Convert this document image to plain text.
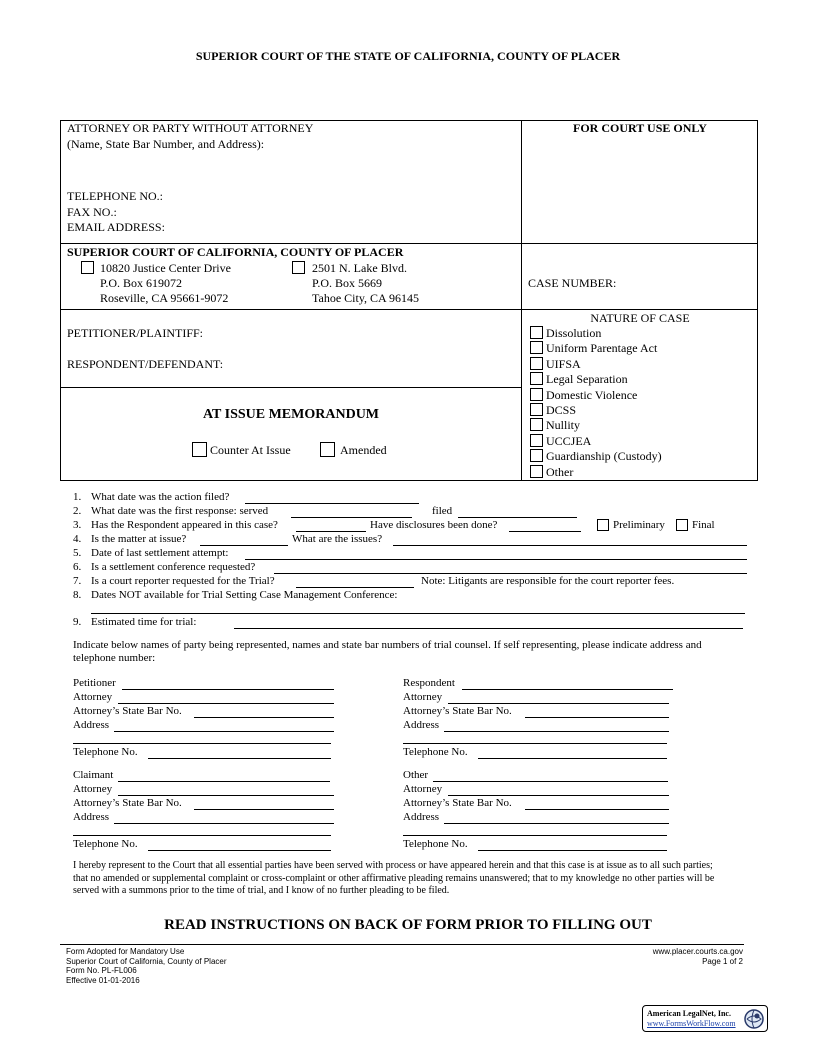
SUPERIOR COURT OF THE STATE OF CALIFORNIA, COUNTY OF PLACER
ATTORNEY OR PARTY WITHOUT ATTORNEY
(Name, State Bar Number, and Address):
TELEPHONE NO.:
FAX NO.:
EMAIL ADDRESS:
FOR COURT USE ONLY
SUPERIOR COURT OF CALIFORNIA, COUNTY OF PLACER
10820 Justice Center Drive
P.O. Box 619072
Roseville, CA 95661-9072
2501 N. Lake Blvd.
P.O. Box 5669
Tahoe City, CA 96145
CASE NUMBER:
PETITIONER/PLAINTIFF:
RESPONDENT/DEFENDANT:
AT ISSUE MEMORANDUM
Counter At Issue	Amended
NATURE OF CASE
Dissolution
Uniform Parentage Act
UIFSA
Legal Separation
Domestic Violence
DCSS
Nullity
UCCJEA
Guardianship (Custody)
Other
1. What date was the action filed?
2. What date was the first response: served	filed
3. Has the Respondent appeared in this case?	Have disclosures been done?	Preliminary Final
4. Is the matter at issue?	What are the issues?
5. Date of last settlement attempt:
6. Is a settlement conference requested?
7. Is a court reporter requested for the Trial?	Note: Litigants are responsible for the court reporter fees.
8. Dates NOT available for Trial Setting Case Management Conference:
9. Estimated time for trial:
Indicate below names of party being represented, names and state bar numbers of trial counsel. If self representing, please indicate address and telephone number:
Petitioner
Attorney
Attorney’s State Bar No.
Address
Telephone No.
Respondent
Attorney
Attorney’s State Bar No.
Address
Telephone No.
Claimant
Attorney
Attorney’s State Bar No.
Address
Telephone No.
Other
Attorney
Attorney’s State Bar No.
Address
Telephone No.
I hereby represent to the Court that all essential parties have been served with process or have appeared herein and that this case is at issue as to all such parties; that no amended or supplemental complaint or cross-complaint or other affirmative pleading remains unanswered; that to my knowledge no other parties will be served with a summons prior to the time of trial, and I know of no further pleading to be filed.
READ INSTRUCTIONS ON BACK OF FORM PRIOR TO FILLING OUT
Form Adopted for Mandatory Use
Superior Court of California, County of Placer
Form No. PL-FL006
Effective 01-01-2016
www.placer.courts.ca.gov
Page 1 of 2
American LegalNet, Inc.
www.FormsWorkFlow.com
